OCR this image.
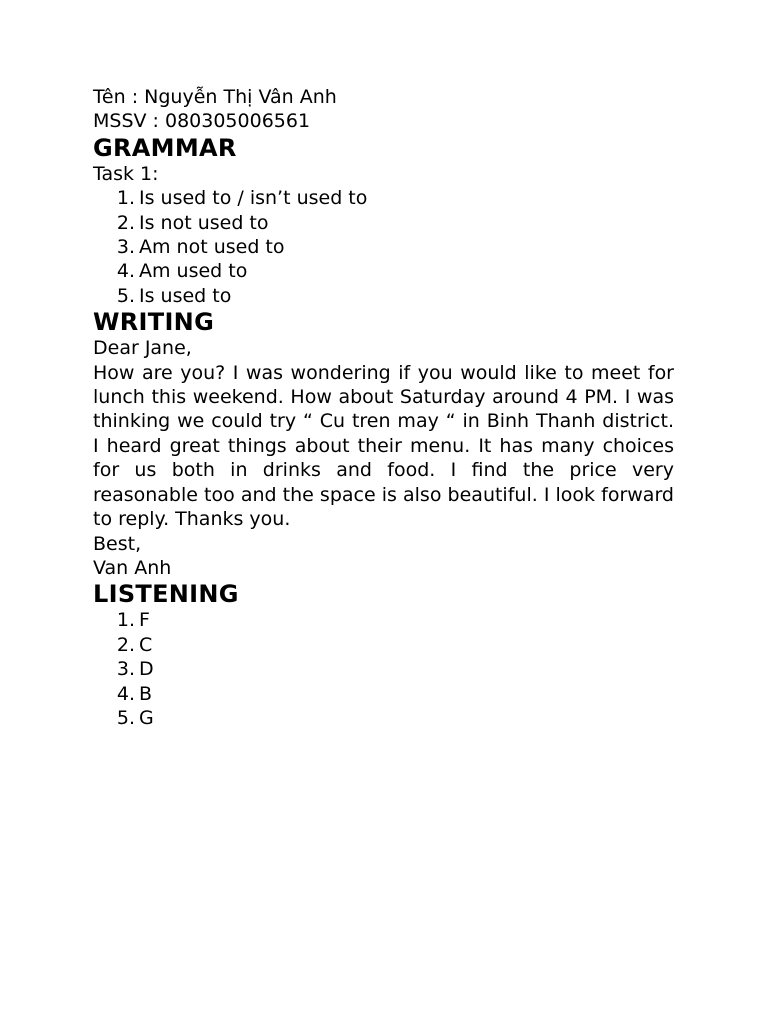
Tên : Nguyễn Thị Vân Anh
MSSV : 080305006561
GRAMMAR
Task 1:
1. Is used to / isn’t used to
2. Is not used to
3. Am not used to
4. Am used to
5. Is used to
WRITING
Dear Jane,
How are you? I was wondering if you would like to meet for lunch this weekend. How about Saturday around 4 PM. I was thinking we could try “ Cu tren may “ in Binh Thanh district. I heard great things about their menu. It has many choices for us both in drinks and food. I find the price very reasonable too and the space is also beautiful. I look forward to reply. Thanks you.
Best,
Van Anh
LISTENING
1. F
2. C
3. D
4. B
5. G
